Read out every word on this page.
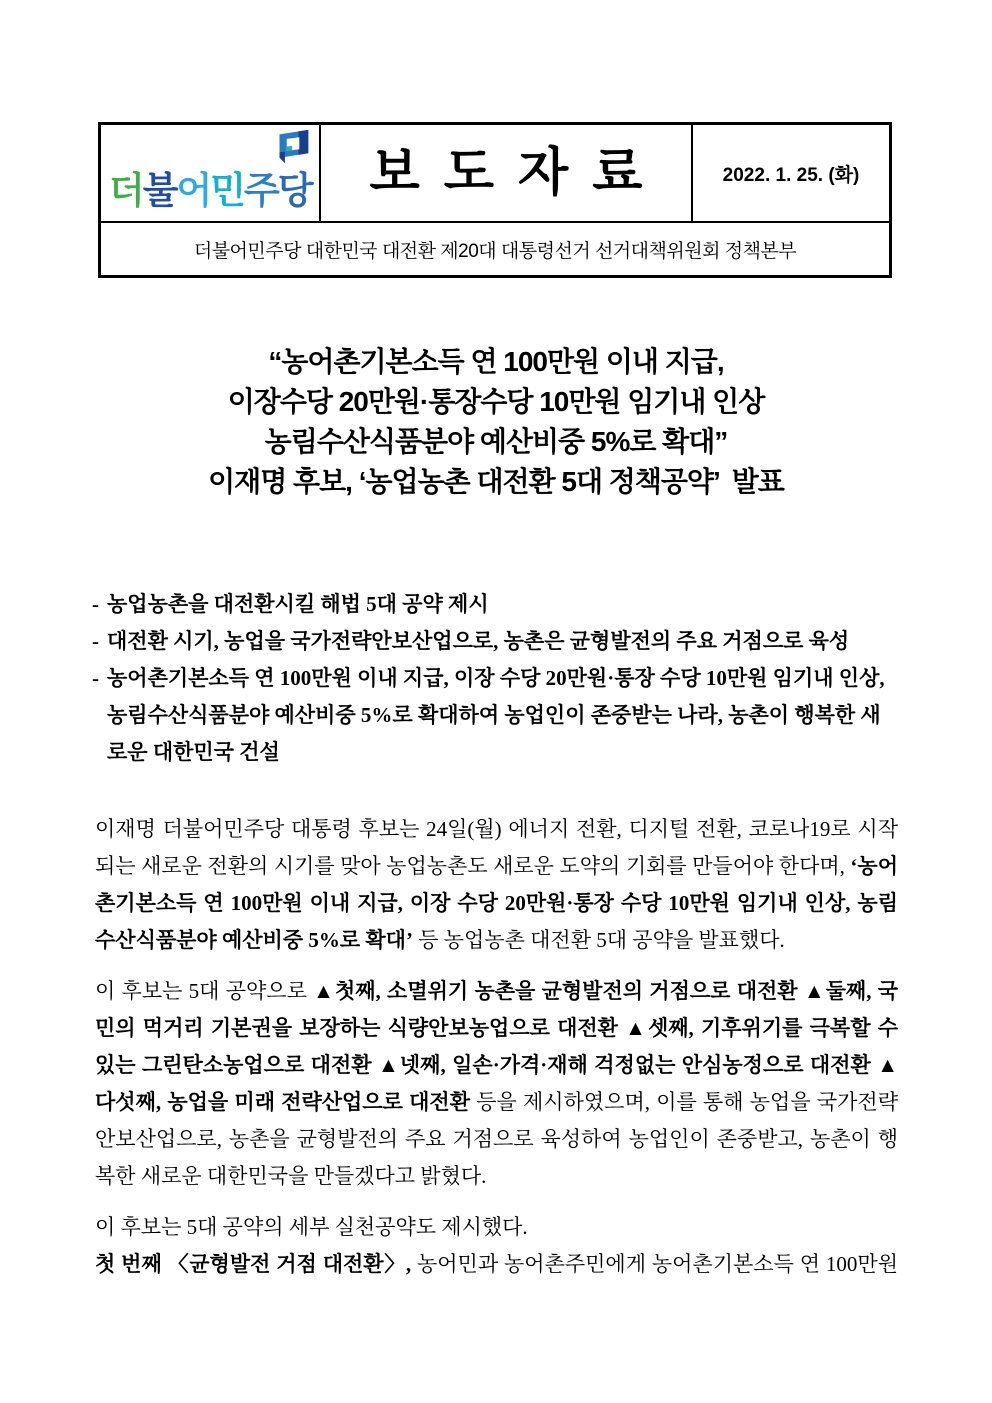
더불어민주당 보도자료	2022. 1. 25. (화)
더불어민주당 대한민국 대전환 제20대 대통령선거 선거대책위원회 정책본부
“농어촌기본소득 연 100만원 이내 지급,
이장수당 20만원·통장수당 10만원 임기내 인상
농림수산식품분야 예산비중 5%로 확대”
이재명 후보, ‘농업농촌 대전환 5대 정책공약’  발표
- 농업농촌을 대전환시킬 해법 5대 공약 제시
- 대전환 시기, 농업을 국가전략안보산업으로, 농촌은 균형발전의 주요 거점으로 육성
- 농어촌기본소득 연 100만원 이내 지급, 이장 수당 20만원·통장 수당 10만원 임기내 인상, 농림수산식품분야 예산비중 5%로 확대하여 농업인이 존중받는 나라, 농촌이 행복한 새로운 대한민국 건설
이재명 더불어민주당 대통령 후보는 24일(월) 에너지 전환, 디지털 전환, 코로나19로 시작되는 새로운 전환의 시기를 맞아 농업농촌도 새로운 도약의 기회를 만들어야 한다며, ‘농어촌기본소득 연 100만원 이내 지급, 이장 수당 20만원·통장 수당 10만원 임기내 인상, 농림수산식품분야 예산비중 5%로 확대’ 등 농업농촌 대전환 5대 공약을 발표했다.
이 후보는 5대 공약으로 ▲첫째, 소멸위기 농촌을 균형발전의 거점으로 대전환 ▲둘째, 국민의 먹거리 기본권을 보장하는 식량안보농업으로 대전환 ▲셋째, 기후위기를 극복할 수 있는 그린탄소농업으로 대전환 ▲넷째, 일손·가격·재해 걱정없는 안심농정으로 대전환 ▲다섯째, 농업을 미래 전략산업으로 대전환 등을 제시하였으며, 이를 통해 농업을 국가전략안보산업으로, 농촌을 균형발전의 주요 거점으로 육성하여 농업인이 존중받고, 농촌이 행복한 새로운 대한민국을 만들겠다고 밝혔다.
이 후보는 5대 공약의 세부 실천공약도 제시했다.
첫 번째 〈균형발전 거점 대전환〉, 농어민과 농어촌주민에게 농어촌기본소득 연 100만원
